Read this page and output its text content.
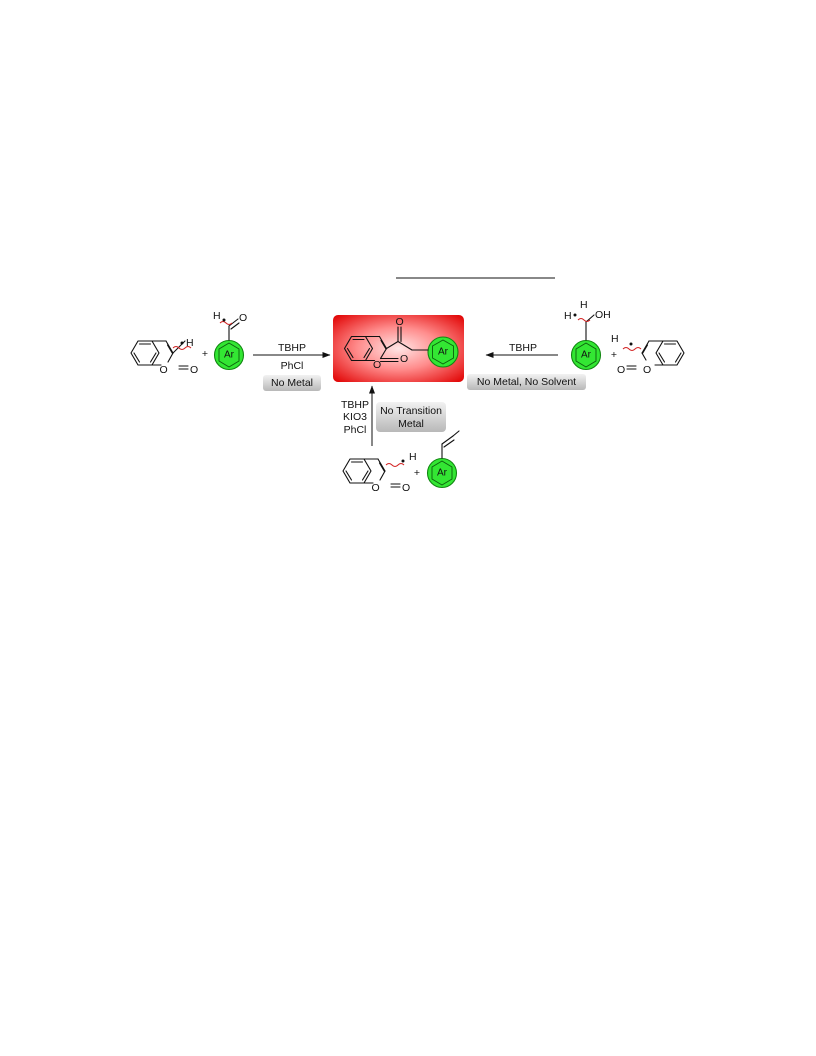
O
O O
Ar
H
O O
+ Ar
H O
TBHP
PhCl
No Metal
TBHP
No Metal, No Solvent
Ar
H
H OH
+
H
O
O
TBHP
KIO3
PhCl
No Transition
Metal
H
O O
+ Ar
